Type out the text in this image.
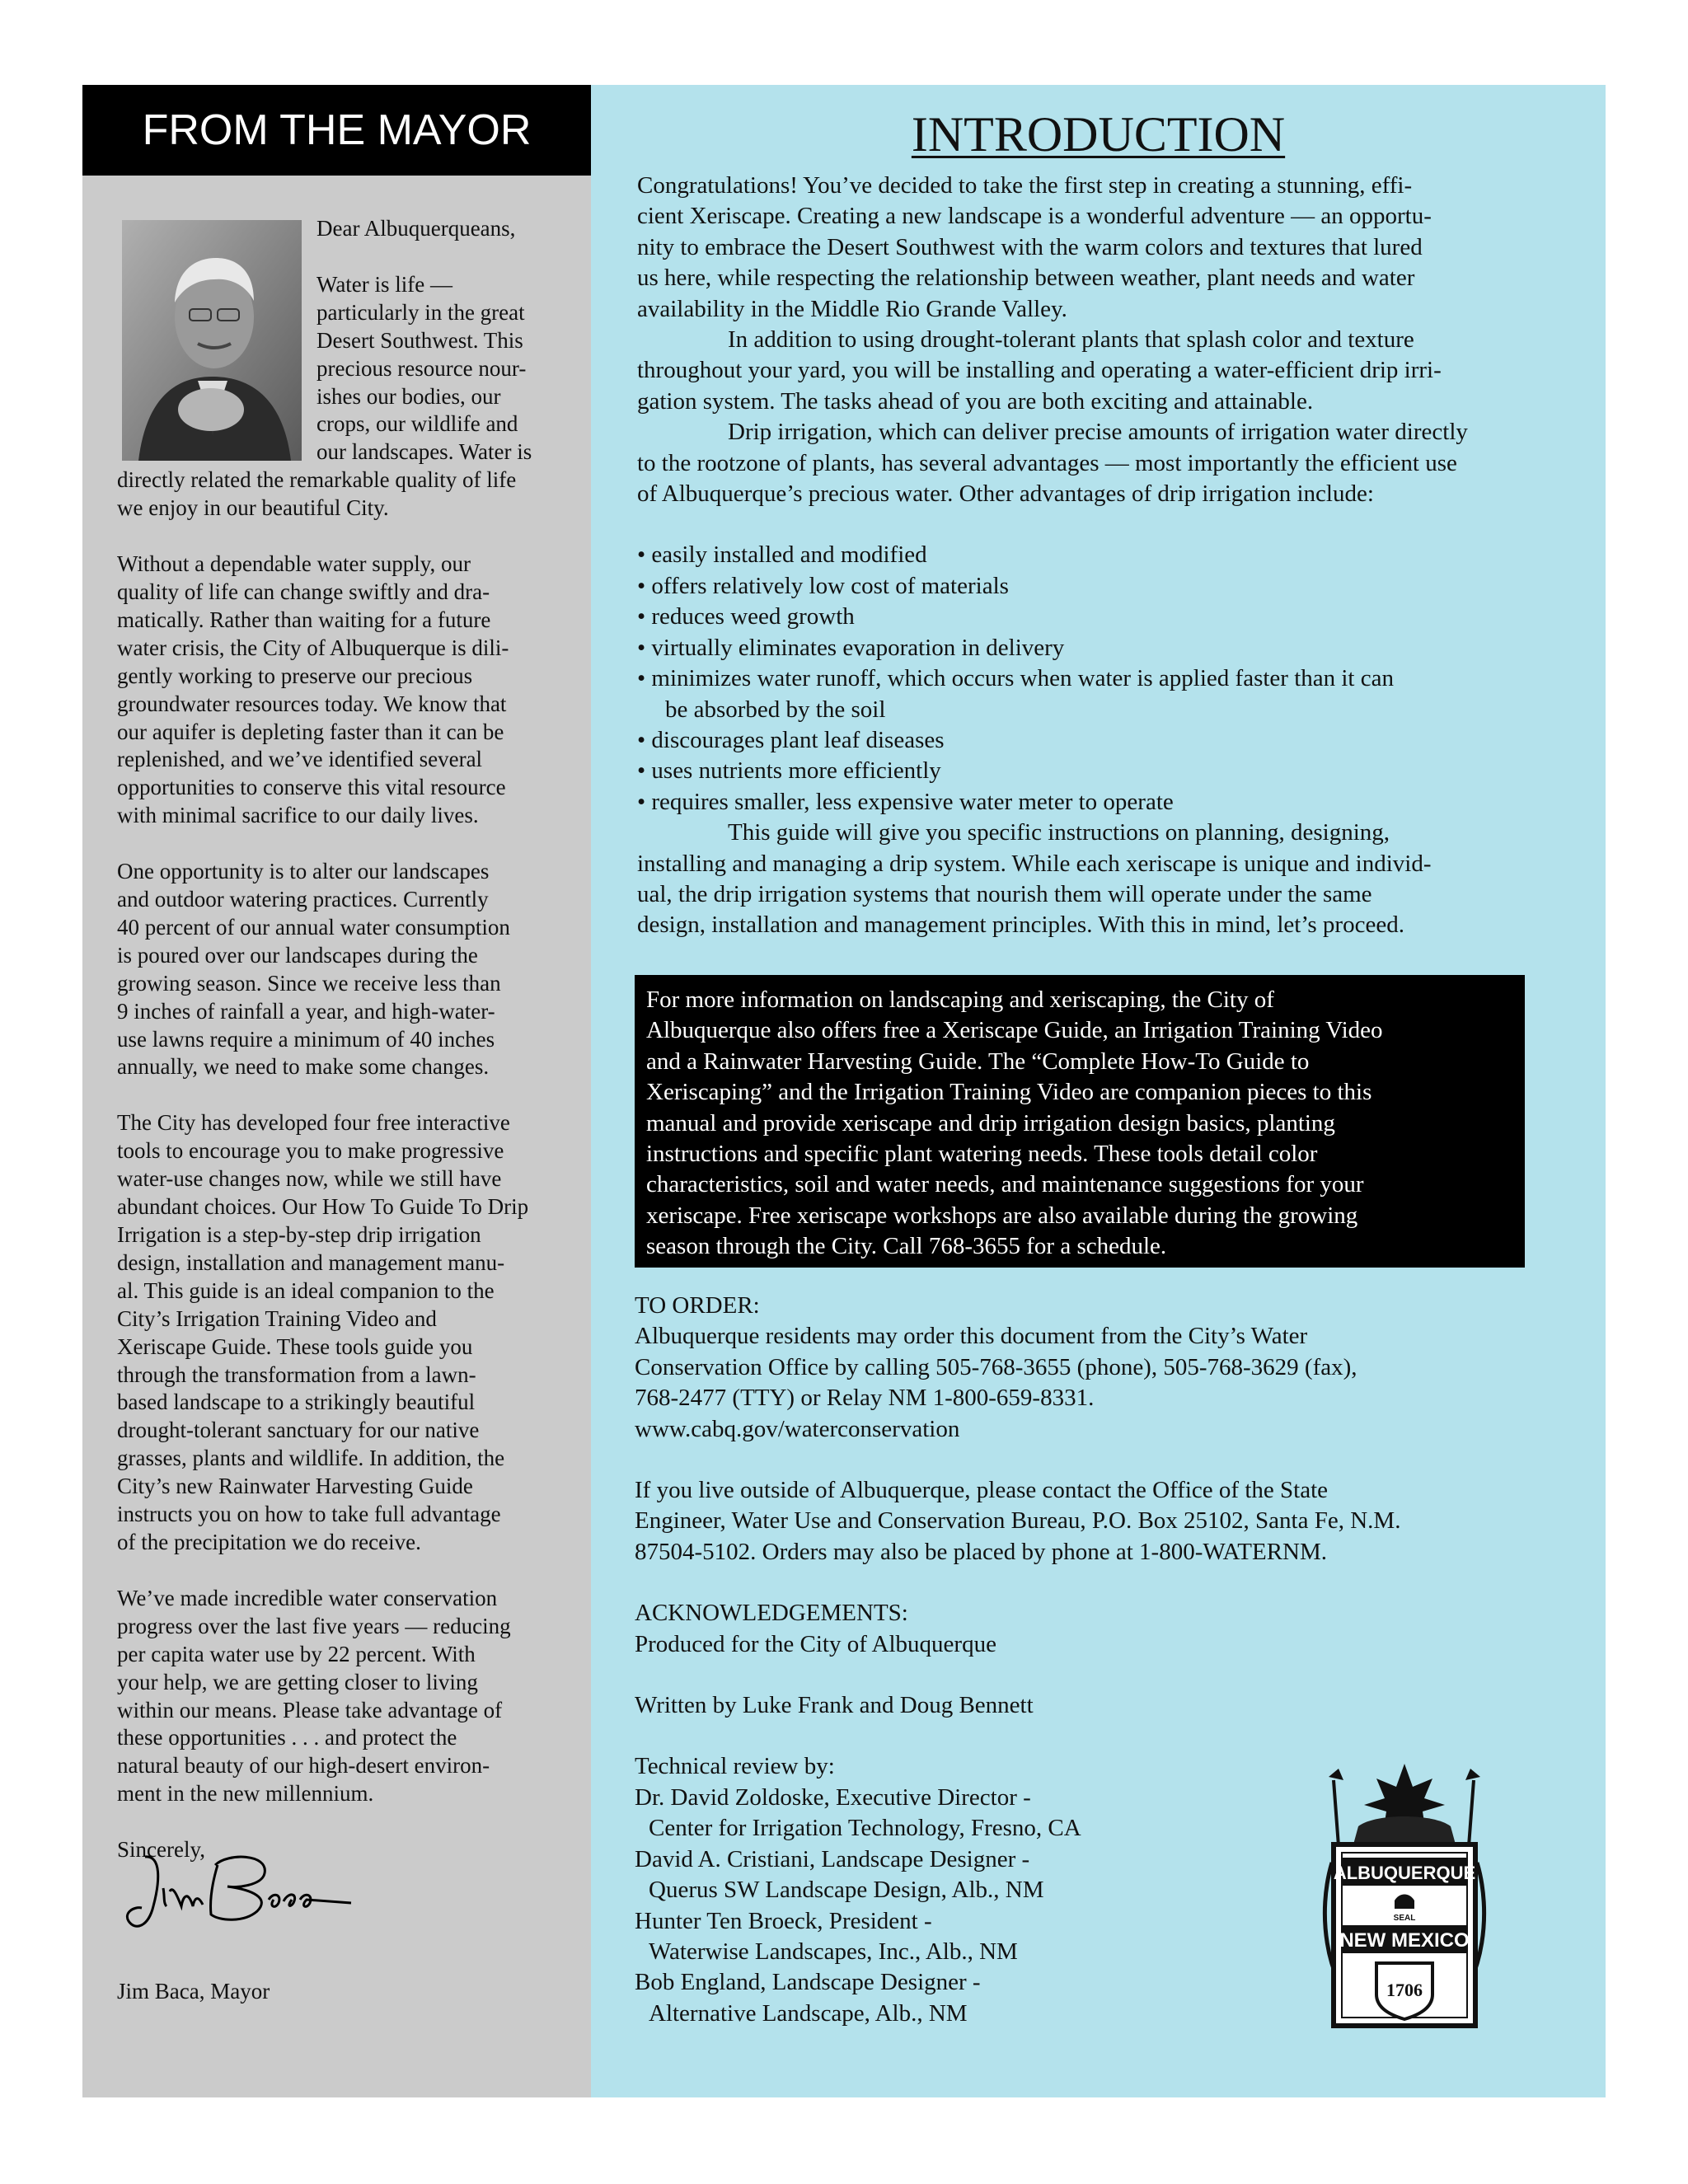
FROM THE MAYOR

Dear Albuquerqueans,

Water is life —
particularly in the great
Desert Southwest. This
precious resource nour-
ishes our bodies, our
crops, our wildlife and
our landscapes. Water is
directly related the remarkable quality of life
we enjoy in our beautiful City.

Without a dependable water supply, our
quality of life can change swiftly and dra-
matically. Rather than waiting for a future
water crisis, the City of Albuquerque is dili-
gently working to preserve our precious
groundwater resources today. We know that
our aquifer is depleting faster than it can be
replenished, and we’ve identified several
opportunities to conserve this vital resource
with minimal sacrifice to our daily lives.

One opportunity is to alter our landscapes
and outdoor watering practices. Currently
40 percent of our annual water consumption
is poured over our landscapes during the
growing season. Since we receive less than
9 inches of rainfall a year, and high-water-
use lawns require a minimum of 40 inches
annually, we need to make some changes.

The City has developed four free interactive
tools to encourage you to make progressive
water-use changes now, while we still have
abundant choices. Our How To Guide To Drip
Irrigation is a step-by-step drip irrigation
design, installation and management manu-
al. This guide is an ideal companion to the
City’s Irrigation Training Video and
Xeriscape Guide. These tools guide you
through the transformation from a lawn-
based landscape to a strikingly beautiful
drought-tolerant sanctuary for our native
grasses, plants and wildlife. In addition, the
City’s new Rainwater Harvesting Guide
instructs you on how to take full advantage
of the precipitation we do receive.

We’ve made incredible water conservation
progress over the last five years — reducing
per capita water use by 22 percent. With
your help, we are getting closer to living
within our means. Please take advantage of
these opportunities . . . and protect the
natural beauty of our high-desert environ-
ment in the new millennium.

Sincerely,

Jim Baca, Mayor
INTRODUCTION

Congratulations! You’ve decided to take the first step in creating a stunning, effi-
cient Xeriscape. Creating a new landscape is a wonderful adventure — an opportu-
nity to embrace the Desert Southwest with the warm colors and textures that lured
us here, while respecting the relationship between weather, plant needs and water
availability in the Middle Rio Grande Valley.

In addition to using drought-tolerant plants that splash color and texture
throughout your yard, you will be installing and operating a water-efficient drip irri-
gation system. The tasks ahead of you are both exciting and attainable.

Drip irrigation, which can deliver precise amounts of irrigation water directly
to the rootzone of plants, has several advantages — most importantly the efficient use
of Albuquerque’s precious water. Other advantages of drip irrigation include:

• easily installed and modified
• offers relatively low cost of materials
• reduces weed growth
• virtually eliminates evaporation in delivery
• minimizes water runoff, which occurs when water is applied faster than it can
be absorbed by the soil
• discourages plant leaf diseases
• uses nutrients more efficiently
• requires smaller, less expensive water meter to operate

This guide will give you specific instructions on planning, designing,
installing and managing a drip system. While each xeriscape is unique and individ-
ual, the drip irrigation systems that nourish them will operate under the same
design, installation and management principles. With this in mind, let’s proceed.

For more information on landscaping and xeriscaping, the City of
Albuquerque also offers free a Xeriscape Guide, an Irrigation Training Video
and a Rainwater Harvesting Guide. The “Complete How-To Guide to
Xeriscaping” and the Irrigation Training Video are companion pieces to this
manual and provide xeriscape and drip irrigation design basics, planting
instructions and specific plant watering needs. These tools detail color
characteristics, soil and water needs, and maintenance suggestions for your
xeriscape. Free xeriscape workshops are also available during the growing
season through the City. Call 768-3655 for a schedule.

TO ORDER:

Albuquerque residents may order this document from the City’s Water
Conservation Office by calling 505-768-3655 (phone), 505-768-3629 (fax),
768-2477 (TTY) or Relay NM 1-800-659-8331.

www.cabq.gov/waterconservation

If you live outside of Albuquerque, please contact the Office of the State
Engineer, Water Use and Conservation Bureau, P.O. Box 25102, Santa Fe, N.M.
87504-5102. Orders may also be placed by phone at 1-800-WATERNM.

ACKNOWLEDGEMENTS:

Produced for the City of Albuquerque

Written by Luke Frank and Doug Bennett

Technical review by:

Dr. David Zoldoske, Executive Director -
Center for Irrigation Technology, Fresno, CA
David A. Cristiani, Landscape Designer -
Querus SW Landscape Design, Alb., NM
Hunter Ten Broeck, President -
Waterwise Landscapes, Inc., Alb., NM
Bob England, Landscape Designer -
Alternative Landscape, Alb., NM

ALBUQUERQUE
SEAL
NEW MEXICO
1706
